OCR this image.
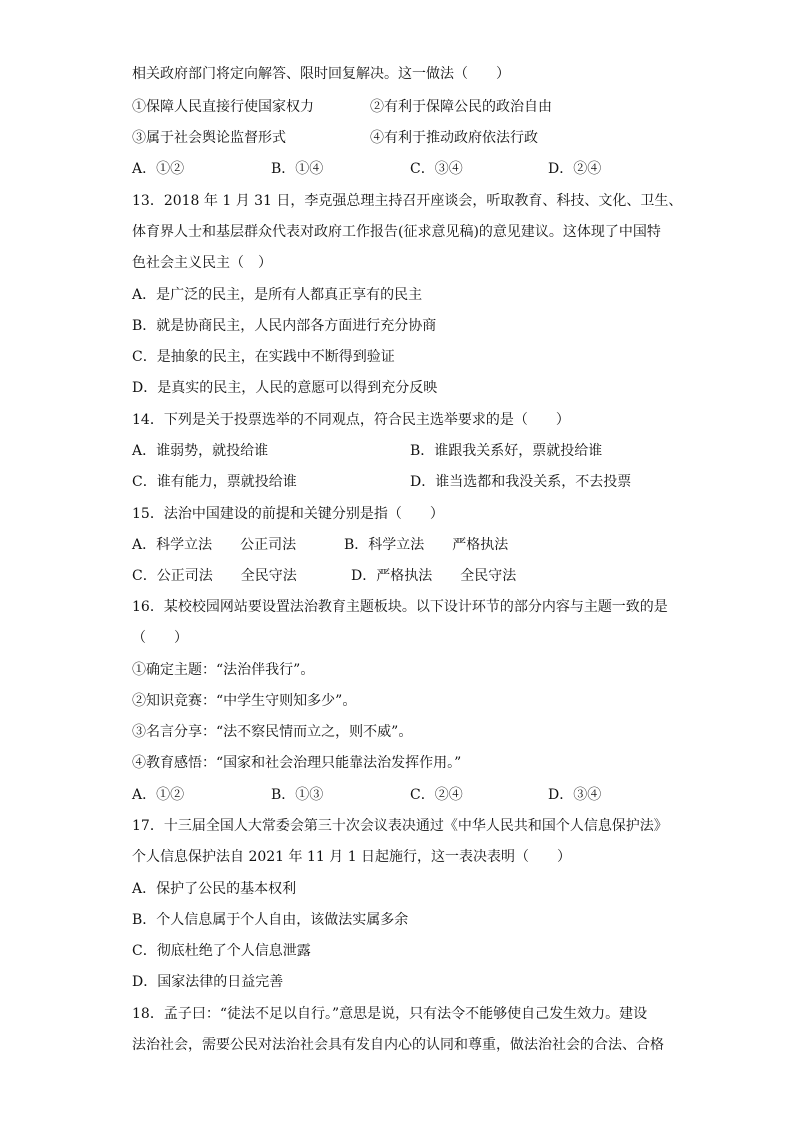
相关政府部门将定向解答、限时回复解决。这一做法（　　）
①保障人民直接行使国家权力	②有利于保障公民的政治自由
③属于社会舆论监督形式	④有利于推动政府依法行政
A．①②	B．①④	C．③④	D．②④
13．2018 年 1 月 31 日，李克强总理主持召开座谈会，听取教育、科技、文化、卫生、
体育界人士和基层群众代表对政府工作报告(征求意见稿)的意见建议。这体现了中国特
色社会主义民主（　）
A．是广泛的民主，是所有人都真正享有的民主
B．就是协商民主，人民内部各方面进行充分协商
C．是抽象的民主，在实践中不断得到验证
D．是真实的民主，人民的意愿可以得到充分反映
14．下列是关于投票选举的不同观点，符合民主选举要求的是（　　）
A．谁弱势，就投给谁	B．谁跟我关系好，票就投给谁
C．谁有能力，票就投给谁	D．谁当选都和我没关系，不去投票
15．法治中国建设的前提和关键分别是指（　　）
A．科学立法　　公正司法	B．科学立法　　严格执法
C．公正司法　　全民守法	D．严格执法　　全民守法
16．某校校园网站要设置法治教育主题板块。以下设计环节的部分内容与主题一致的是
（　　）
①确定主题：“法治伴我行”。
②知识竞赛：“中学生守则知多少”。
③名言分享：“法不察民情而立之，则不威”。
④教育感悟：“国家和社会治理只能靠法治发挥作用。”
A．①②	B．①③	C．②④	D．③④
17．十三届全国人大常委会第三十次会议表决通过《中华人民共和国个人信息保护法》
个人信息保护法自 2021 年 11 月 1 日起施行，这一表决表明（　　）
A．保护了公民的基本权利
B．个人信息属于个人自由，该做法实属多余
C．彻底杜绝了个人信息泄露
D．国家法律的日益完善
18．孟子曰：“徒法不足以自行。”意思是说，只有法令不能够使自己发生效力。建设
法治社会，需要公民对法治社会具有发自内心的认同和尊重，做法治社会的合法、合格
